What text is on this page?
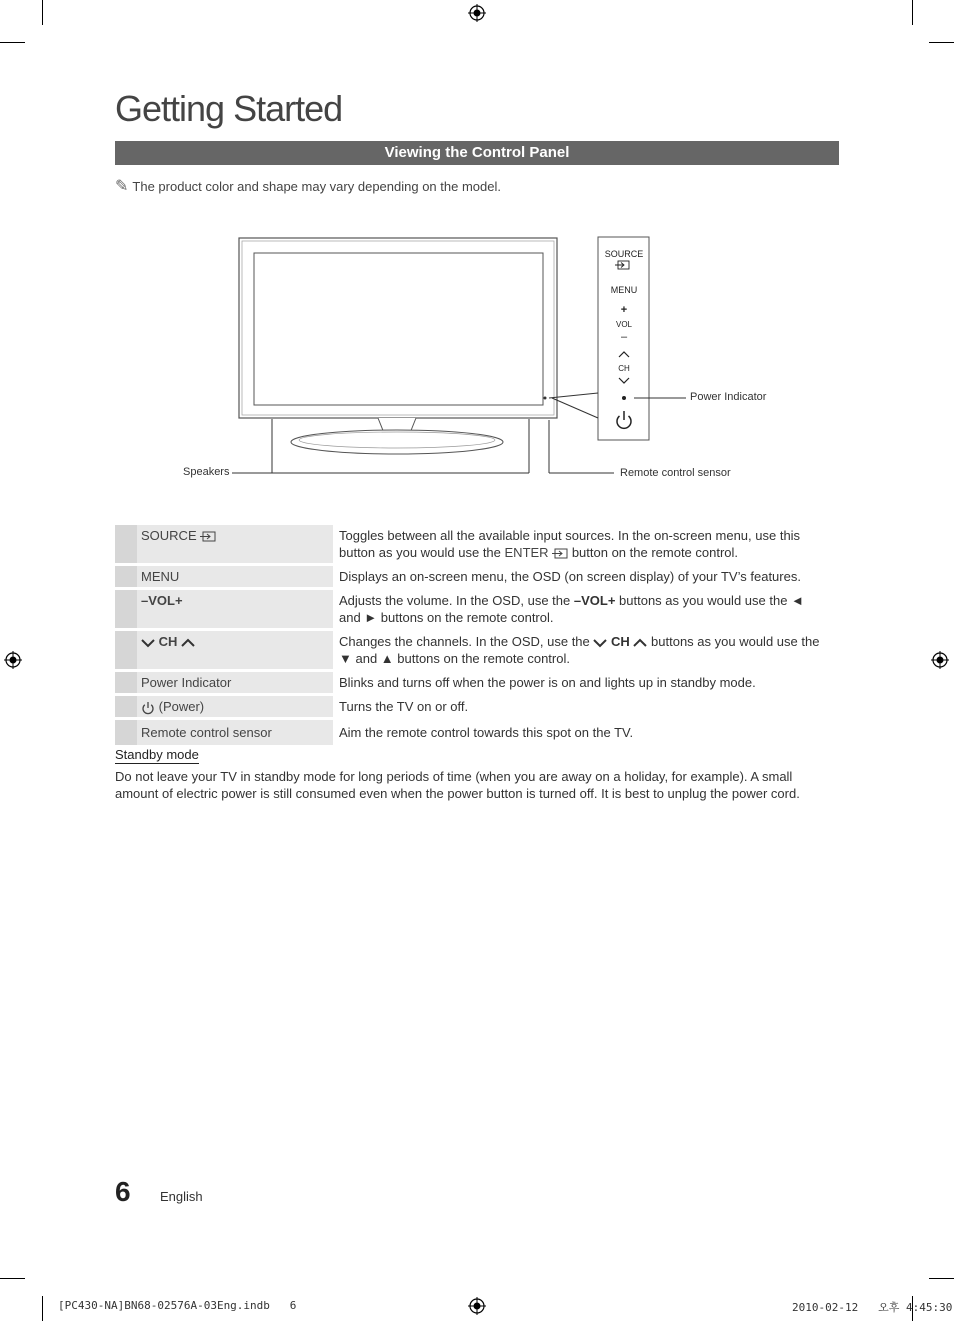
Getting Started
Viewing the Control Panel
✎ The product color and shape may vary depending on the model.
SOURCE
MENU
+
VOL
–
CH
Power Indicator
Speakers	Remote control sensor
	SOURCE	Toggles between all the available input sources. In the on-screen menu, use this
button as you would use the ENTER  button on the remote control.
	MENU	Displays an on-screen menu, the OSD (on screen display) of your TV’s features.
	–VOL+	Adjusts the volume. In the OSD, use the –VOL+ buttons as you would use the ◄
and ► buttons on the remote control.
	CH	Changes the channels. In the OSD, use the  CH  buttons as you would use the
▼ and ▲ buttons on the remote control.
	Power Indicator	Blinks and turns off when the power is on and lights up in standby mode.
	(Power)	Turns the TV on or off.
	Remote control sensor	Aim the remote control towards this spot on the TV.
Standby mode
Do not leave your TV in standby mode for long periods of time (when you are away on a holiday, for example). A small amount of electric power is still consumed even when the power button is turned off. It is best to unplug the power cord.
6 English
[PC430-NA]BN68-02576A-03Eng.indb   6	2010-02-12   오후 4:45:30
